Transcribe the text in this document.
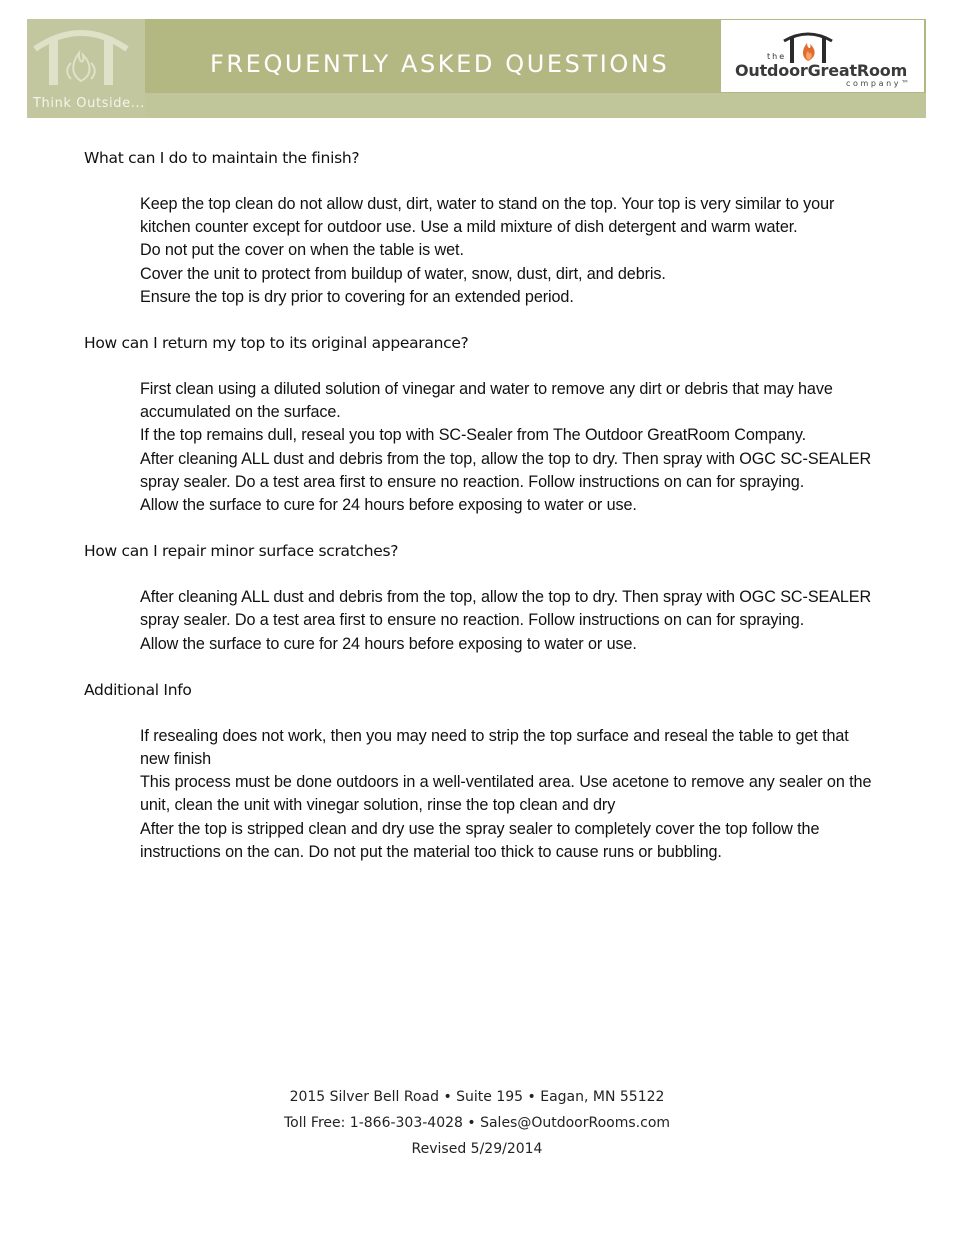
Think Outside...
FREQUENTLY ASKED QUESTIONS	the
OutdoorGreatRoom
company™

What can I do to maintain the finish?

Keep the top clean do not allow dust, dirt, water to stand on the top. Your top is very similar to your kitchen counter except for outdoor use. Use a mild mixture of dish detergent and warm water.

Do not put the cover on when the table is wet.

Cover the unit to protect from buildup of water, snow, dust, dirt, and debris.

Ensure the top is dry prior to covering for an extended period.

How can I return my top to its original appearance?

First clean using a diluted solution of vinegar and water to remove any dirt or debris that may have accumulated on the surface.

If the top remains dull, reseal you top with SC-Sealer from The Outdoor GreatRoom Company.

After cleaning ALL dust and debris from the top, allow the top to dry. Then spray with OGC SC-SEALER spray sealer. Do a test area first to ensure no reaction. Follow instructions on can for spraying.

Allow the surface to cure for 24 hours before exposing to water or use.

How can I repair minor surface scratches?

After cleaning ALL dust and debris from the top, allow the top to dry. Then spray with OGC SC-SEALER spray sealer. Do a test area first to ensure no reaction. Follow instructions on can for spraying.

Allow the surface to cure for 24 hours before exposing to water or use.

Additional Info

If resealing does not work, then you may need to strip the top surface and reseal the table to get that new finish

This process must be done outdoors in a well-ventilated area. Use acetone to remove any sealer on the unit, clean the unit with vinegar solution, rinse the top clean and dry

After the top is stripped clean and dry use the spray sealer to completely cover the top follow the instructions on the can. Do not put the material too thick to cause runs or bubbling.

2015 Silver Bell Road • Suite 195 • Eagan, MN 55122
Toll Free: 1-866-303-4028 • Sales@OutdoorRooms.com
Revised 5/29/2014
